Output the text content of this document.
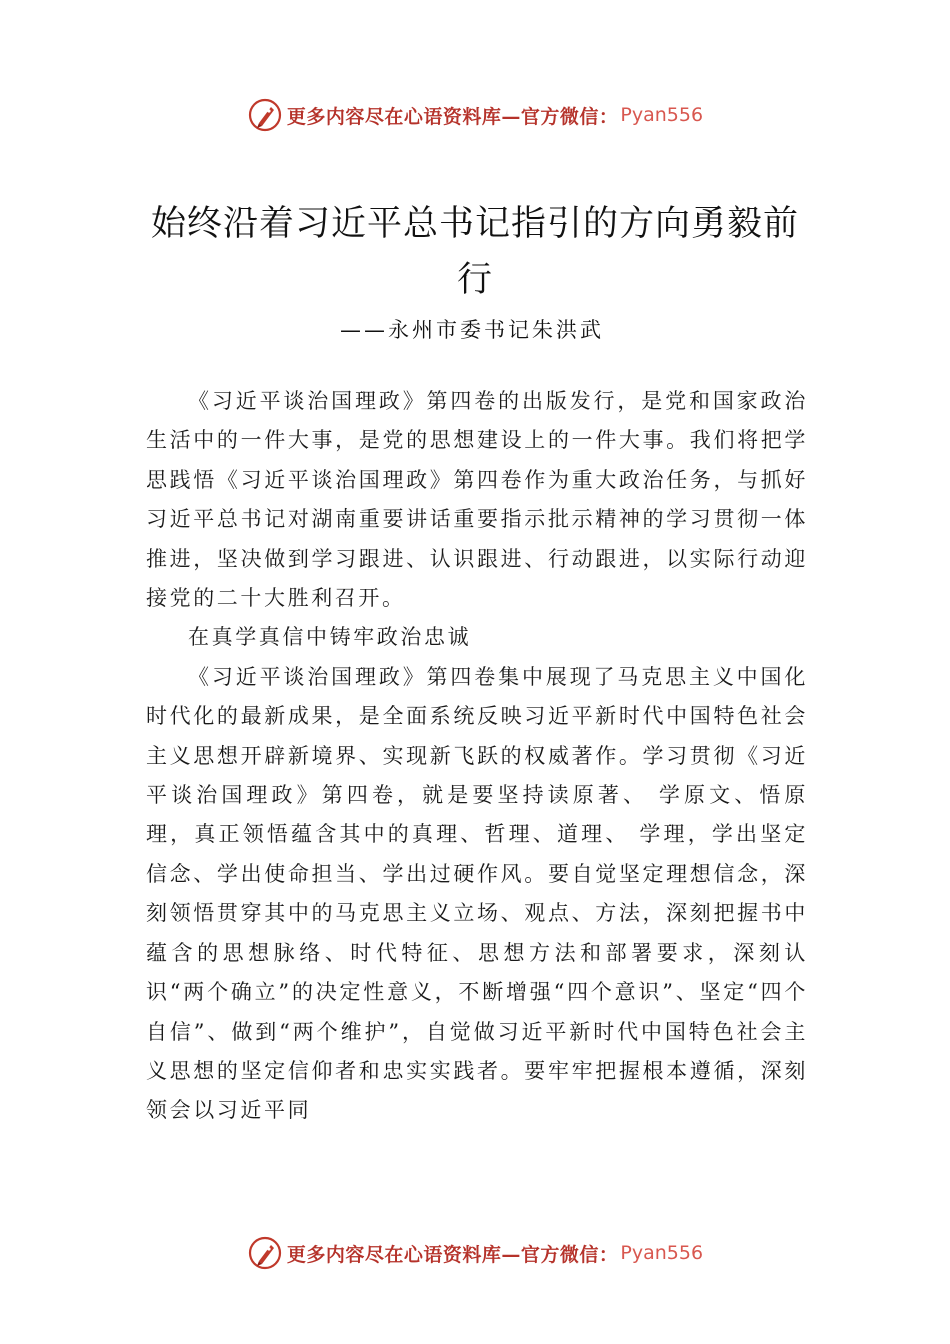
更多内容尽在心语资料库—官方微信： Pyan556
始终沿着习近平总书记指引的方向勇毅前行
——永州市委书记朱洪武

《习近平谈治国理政》第四卷的出版发行，是党和国家政治生活中的一件大事，是党的思想建设上的一件大事。我们将把学思践悟《习近平谈治国理政》第四卷作为重大政治任务，与抓好习近平总书记对湖南重要讲话重要指示批示精神的学习贯彻一体推进，坚决做到学习跟进、认识跟进、行动跟进，以实际行动迎接党的二十大胜利召开。

在真学真信中铸牢政治忠诚

《习近平谈治国理政》第四卷集中展现了马克思主义中国化时代化的最新成果，是全面系统反映习近平新时代中国特色社会主义思想开辟新境界、实现新飞跃的权威著作。学习贯彻《习近平谈治国理政》第四卷，就是要坚持读原著、 学原文、悟原理，真正领悟蕴含其中的真理、哲理、道理、 学理，学出坚定信念、学出使命担当、学出过硬作风。要自觉坚定理想信念，深刻领悟贯穿其中的马克思主义立场、观点、方法，深刻把握书中蕴含的思想脉络、时代特征、思想方法和部署要求，深刻认识“两个确立”的决定性意义，不断增强“四个意识”、坚定“四个自信”、做到“两个维护”，自觉做习近平新时代中国特色社会主义思想的坚定信仰者和忠实实践者。要牢牢把握根本遵循，深刻领会以习近平同

更多内容尽在心语资料库—官方微信： Pyan556
